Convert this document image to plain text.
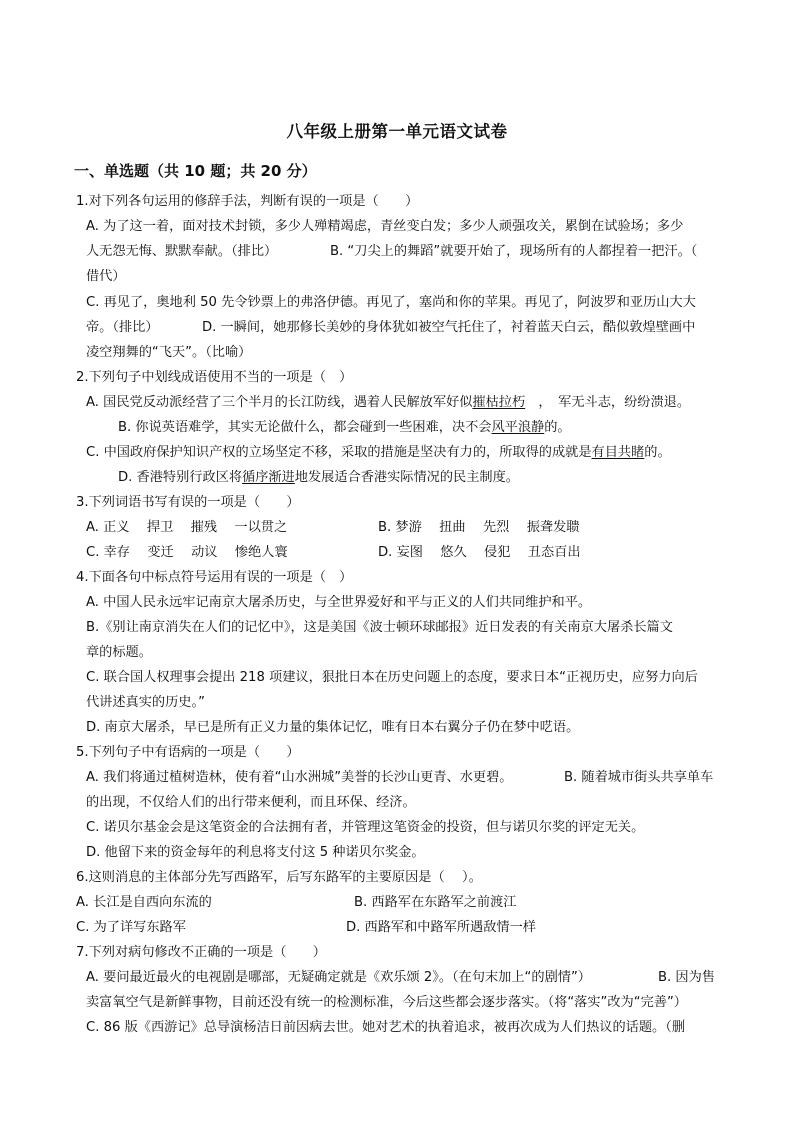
八年级上册第一单元语文试卷
一、单选题（共 10 题；共 20 分）
1.对下列各句运用的修辞手法，判断有误的一项是（　　）
A. 为了这一着，面对技术封锁，多少人殚精竭虑，青丝变白发；多少人顽强攻关，累倒在试验场；多少
人无怨无悔、默默奉献。（排比）	B. “刀尖上的舞蹈”就要开始了，现场所有的人都捏着一把汗。（
借代）
C. 再见了，奥地利 50 先令钞票上的弗洛伊德。再见了，塞尚和你的苹果。再见了，阿波罗和亚历山大大
帝。（排比）	D. 一瞬间，她那修长美妙的身体犹如被空气托住了，衬着蓝天白云，酷似敦煌壁画中
凌空翔舞的“飞天”。（比喻）
2.下列句子中划线成语使用不当的一项是（　）
A. 国民党反动派经营了三个半月的长江防线，遇着人民解放军好似摧枯拉朽　，　军无斗志，纷纷溃退。
B. 你说英语难学，其实无论做什么，都会碰到一些困难，决不会风平浪静的。
C. 中国政府保护知识产权的立场坚定不移，采取的措施是坚决有力的，所取得的成就是有目共睹的。
D. 香港特别行政区将循序渐进地发展适合香港实际情况的民主制度。
3.下列词语书写有误的一项是（　　）
A. 正义　 捍卫　 摧残　 一以贯之	B. 梦游　 扭曲　 先烈　 振聋发聩
C. 幸存　 变迁　 动议　 惨绝人寰	D. 妄图　 悠久　 侵犯　 丑态百出
4.下面各句中标点符号运用有误的一项是（　）
A. 中国人民永远牢记南京大屠杀历史，与全世界爱好和平与正义的人们共同维护和平。
B.《别让南京消失在人们的记忆中》，这是美国《波士顿环球邮报》近日发表的有关南京大屠杀长篇文
章的标题。
C. 联合国人权理事会提出 218 项建议，狠批日本在历史问题上的态度，要求日本“正视历史，应努力向后
代讲述真实的历史。”
D. 南京大屠杀，早已是所有正义力量的集体记忆，唯有日本右翼分子仍在梦中呓语。
5.下列句子中有语病的一项是（　　）
A. 我们将通过植树造林，使有着“山水洲城”美誉的长沙山更青、水更碧。	B. 随着城市街头共享单车
的出现，不仅给人们的出行带来便利，而且环保、经济。
C. 诺贝尔基金会是这笔资金的合法拥有者，并管理这笔资金的投资，但与诺贝尔奖的评定无关。
D. 他留下来的资金每年的利息将支付这 5 种诺贝尔奖金。
6.这则消息的主体部分先写西路军，后写东路军的主要原因是（　 ）。
A. 长江是自西向东流的	B. 西路军在东路军之前渡江
C. 为了详写东路军	D. 西路军和中路军所遇敌情一样
7.下列对病句修改不正确的一项是（　　）
A. 要问最近最火的电视剧是哪部，无疑确定就是《欢乐颂 2》。（在句末加上“的剧情”）	B. 因为售
卖富氧空气是新鲜事物，目前还没有统一的检测标准，今后这些都会逐步落实。（将“落实”改为“完善”）
C. 86 版《西游记》总导演杨洁日前因病去世。她对艺术的执着追求，被再次成为人们热议的话题。（删
